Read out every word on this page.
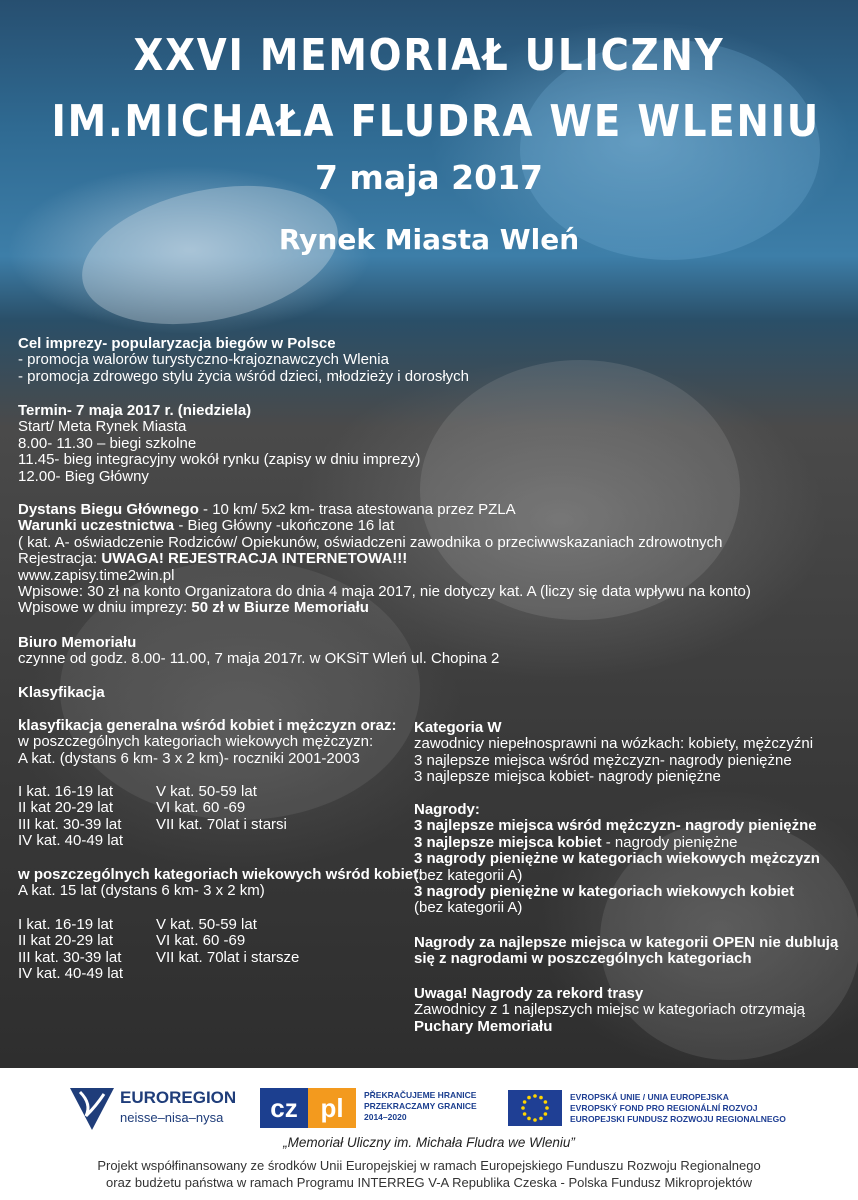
XXVI MEMORIAŁ ULICZNY
IM.MICHAŁA FLUDRA WE WLENIU
7 maja 2017
Rynek Miasta Wleń
Cel imprezy- popularyzacja biegów w Polsce
- promocja walorów turystyczno-krajoznawczych Wlenia
- promocja zdrowego stylu życia wśród dzieci, młodzieży i dorosłych
Termin- 7 maja 2017 r. (niedziela)
Start/ Meta Rynek Miasta
8.00- 11.30 – biegi szkolne
11.45- bieg integracyjny wokół rynku (zapisy w dniu imprezy)
12.00- Bieg Główny
Dystans Biegu Głównego - 10 km/ 5x2 km- trasa atestowana przez PZLA
Warunki uczestnictwa - Bieg Główny -ukończone 16 lat
( kat. A- oświadczenie Rodziców/ Opiekunów, oświadczeni zawodnika o przeciwwskazaniach zdrowotnych
Rejestracja: UWAGA! REJESTRACJA INTERNETOWA!!!
www.zapisy.time2win.pl
Wpisowe: 30 zł na konto Organizatora do dnia 4 maja 2017, nie dotyczy kat. A (liczy się data wpływu na konto)
Wpisowe w dniu imprezy: 50 zł w Biurze Memoriału
Biuro Memoriału
czynne od godz. 8.00- 11.00, 7 maja 2017r. w OKSiT Wleń ul. Chopina 2
Klasyfikacja
klasyfikacja generalna wśród kobiet i mężczyzn oraz:
w poszczególnych kategoriach wiekowych mężczyzn:
A kat. (dystans 6 km- 3 x 2 km)- roczniki 2001-2003
I kat. 16-19 lat
II kat 20-29 lat
III kat. 30-39 lat
IV kat. 40-49 lat
V kat. 50-59 lat
VI kat. 60 -69
VII kat. 70lat i starsi
w poszczególnych kategoriach wiekowych wśród kobiet:
A kat. 15 lat (dystans 6 km- 3 x 2 km)
I kat. 16-19 lat
II kat 20-29 lat
III kat. 30-39 lat
IV kat. 40-49 lat
V kat. 50-59 lat
VI kat. 60 -69
VII kat. 70lat i starsze
Kategoria W
zawodnicy niepełnosprawni na wózkach: kobiety, mężczyźni
3 najlepsze miejsca wśród mężczyzn- nagrody pieniężne
3 najlepsze miejsca kobiet- nagrody pieniężne
Nagrody:
3 najlepsze miejsca wśród mężczyzn- nagrody pieniężne
3 najlepsze miejsca kobiet - nagrody pieniężne
3 nagrody pieniężne w kategoriach wiekowych mężczyzn
(bez kategorii A)
3 nagrody pieniężne w kategoriach wiekowych kobiet
(bez kategorii A)
Nagrody za najlepsze miejsca w kategorii OPEN nie dublują
się z nagrodami w poszczególnych kategoriach
Uwaga! Nagrody za rekord trasy
Zawodnicy z 1 najlepszych miejsc w kategoriach otrzymają
Puchary Memoriału
EUROREGION
neisse–nisa–nysa cz pl PŘEKRAČUJEME HRANICE
PRZEKRACZAMY GRANICE
2014–2020
EVROPSKÁ UNIE / UNIA EUROPEJSKA
EVROPSKÝ FOND PRO REGIONÁLNÍ ROZVOJ
EUROPEJSKI FUNDUSZ ROZWOJU REGIONALNEGO
„Memoriał Uliczny im. Michała Fludra we Wleniu”
Projekt współfinansowany ze środków Unii Europejskiej w ramach Europejskiego Funduszu Rozwoju Regionalnego
oraz budżetu państwa w ramach Programu INTERREG V-A Republika Czeska - Polska Fundusz Mikroprojektów
